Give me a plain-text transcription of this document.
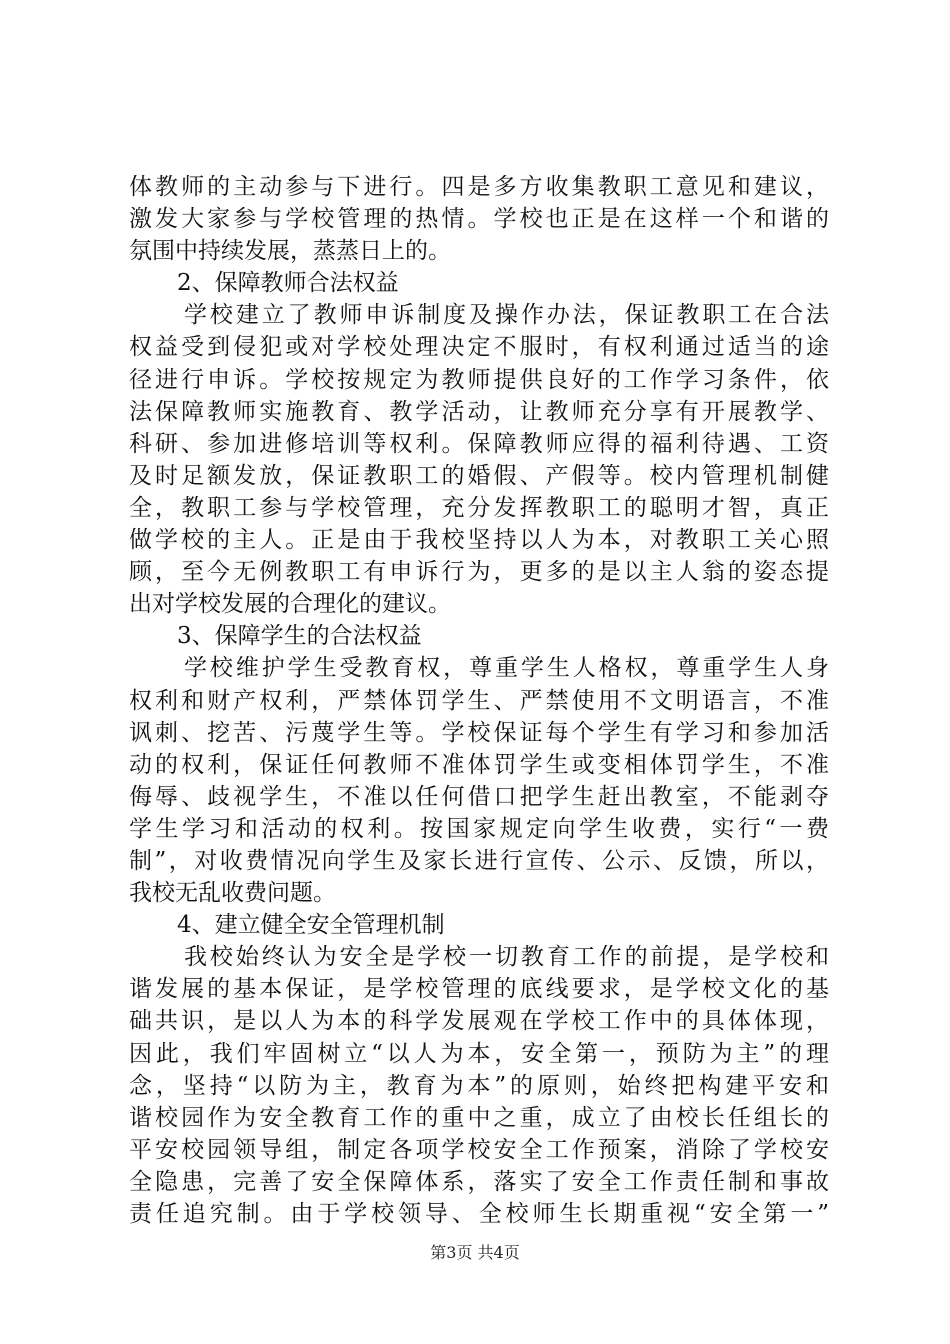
体教师的主动参与下进行。四是多方收集教职工意见和建议，
激发大家参与学校管理的热情。学校也正是在这样一个和谐的
氛围中持续发展，蒸蒸日上的。
2、保障教师合法权益
学校建立了教师申诉制度及操作办法，保证教职工在合法
权益受到侵犯或对学校处理决定不服时，有权利通过适当的途
径进行申诉。学校按规定为教师提供良好的工作学习条件，依
法保障教师实施教育、教学活动，让教师充分享有开展教学、
科研、参加进修培训等权利。保障教师应得的福利待遇、工资
及时足额发放，保证教职工的婚假、产假等。校内管理机制健
全，教职工参与学校管理，充分发挥教职工的聪明才智，真正
做学校的主人。正是由于我校坚持以人为本，对教职工关心照
顾，至今无例教职工有申诉行为，更多的是以主人翁的姿态提
出对学校发展的合理化的建议。
3、保障学生的合法权益
学校维护学生受教育权，尊重学生人格权，尊重学生人身
权利和财产权利，严禁体罚学生、严禁使用不文明语言，不准
讽刺、挖苦、污蔑学生等。学校保证每个学生有学习和参加活
动的权利，保证任何教师不准体罚学生或变相体罚学生，不准
侮辱、歧视学生，不准以任何借口把学生赶出教室，不能剥夺
学生学习和活动的权利。按国家规定向学生收费，实行“一费
制”，对收费情况向学生及家长进行宣传、公示、反馈，所以，
我校无乱收费问题。
4、建立健全安全管理机制
我校始终认为安全是学校一切教育工作的前提，是学校和
谐发展的基本保证，是学校管理的底线要求，是学校文化的基
础共识，是以人为本的科学发展观在学校工作中的具体体现，
因此，我们牢固树立“以人为本，安全第一，预防为主”的理
念，坚持“以防为主，教育为本”的原则，始终把构建平安和
谐校园作为安全教育工作的重中之重，成立了由校长任组长的
平安校园领导组，制定各项学校安全工作预案，消除了学校安
全隐患，完善了安全保障体系，落实了安全工作责任制和事故
责任追究制。由于学校领导、全校师生长期重视“安全第一”
第3页 共4页
